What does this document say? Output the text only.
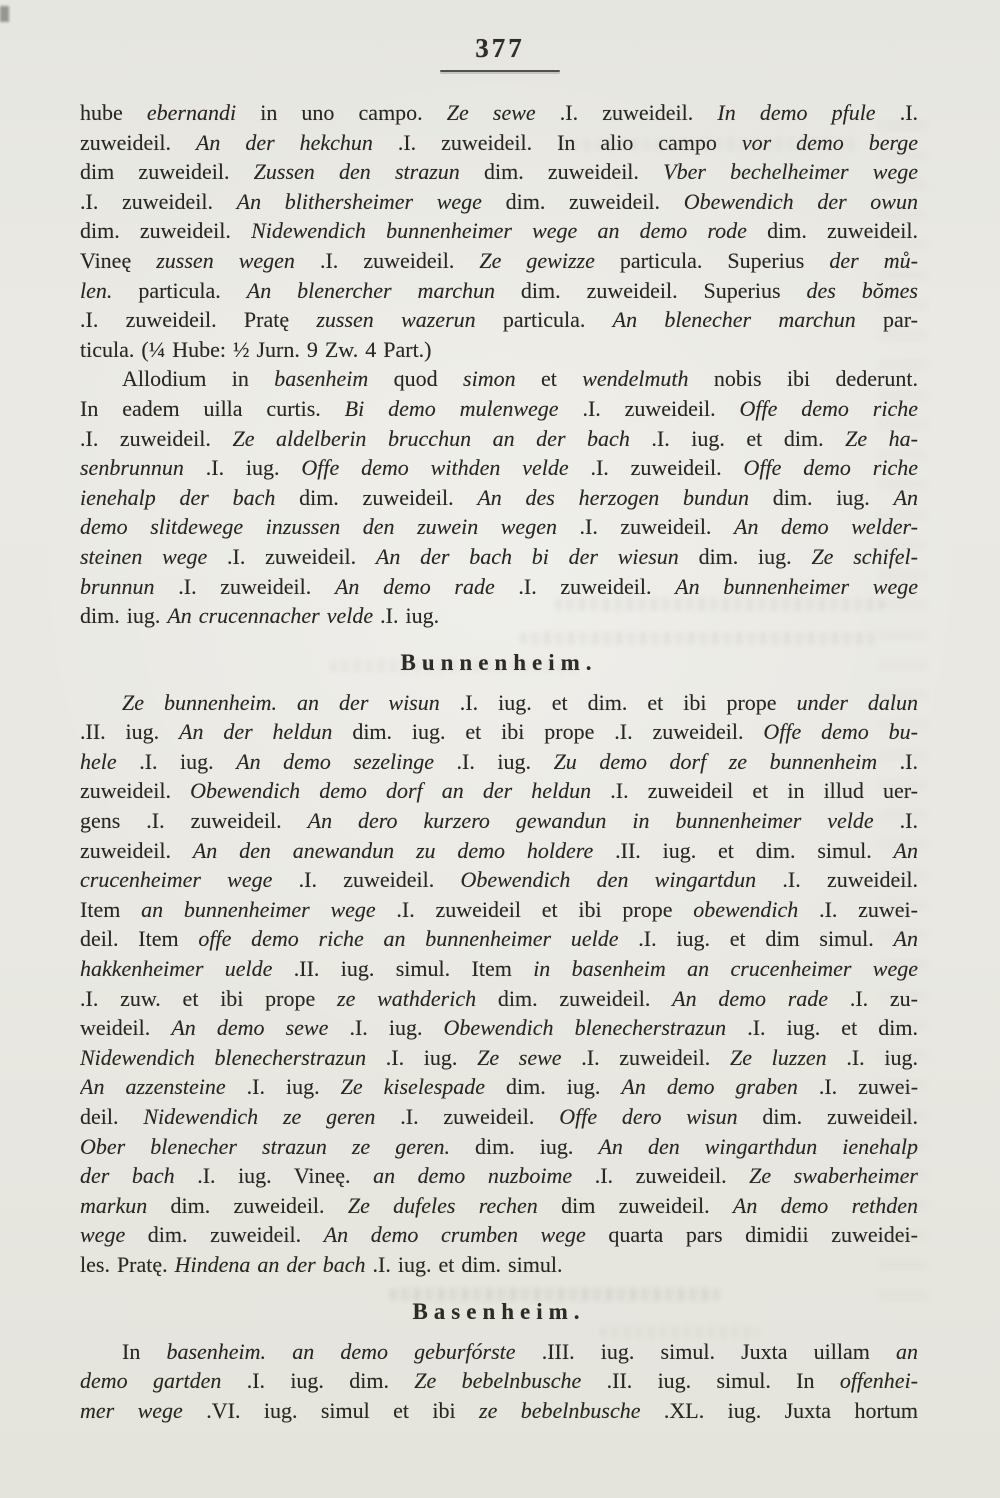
377
hube ebernandi in uno campo. Ze sewe .I. zuweideil. In demo pfule .I.
zuweideil. An der hekchun .I. zuweideil. In alio campo vor demo berge
dim zuweideil. Zussen den strazun dim. zuweideil. Vber bechelheimer wege
.I. zuweideil. An blithersheimer wege dim. zuweideil. Obewendich der owun
dim. zuweideil. Nidewendich bunnenheimer wege an demo rode dim. zuweideil.
Vineę zussen wegen .I. zuweideil. Ze gewizze particula. Superius der mů-
len. particula. An blenercher marchun dim. zuweideil. Superius des bŏmes
.I. zuweideil. Pratę zussen wazerun particula. An blenecher marchun par-
ticula. (¼ Hube: ½ Jurn. 9 Zw. 4 Part.)
Allodium in basenheim quod simon et wendelmuth nobis ibi dederunt.
In eadem uilla curtis. Bi demo mulenwege .I. zuweideil. Offe demo riche
.I. zuweideil. Ze aldelberin brucchun an der bach .I. iug. et dim. Ze ha-
senbrunnun .I. iug. Offe demo withden velde .I. zuweideil. Offe demo riche
ienehalp der bach dim. zuweideil. An des herzogen bundun dim. iug. An
demo slitdewege inzussen den zuwein wegen .I. zuweideil. An demo welder-
steinen wege .I. zuweideil. An der bach bi der wiesun dim. iug. Ze schifel-
brunnun .I. zuweideil. An demo rade .I. zuweideil. An bunnenheimer wege
dim. iug. An crucennacher velde .I. iug.
Bunnenheim.
Ze bunnenheim. an der wisun .I. iug. et dim. et ibi prope under dalun
.II. iug. An der heldun dim. iug. et ibi prope .I. zuweideil. Offe demo bu-
hele .I. iug. An demo sezelinge .I. iug. Zu demo dorf ze bunnenheim .I.
zuweideil. Obewendich demo dorf an der heldun .I. zuweideil et in illud uer-
gens .I. zuweideil. An dero kurzero gewandun in bunnenheimer velde .I.
zuweideil. An den anewandun zu demo holdere .II. iug. et dim. simul. An
crucenheimer wege .I. zuweideil. Obewendich den wingartdun .I. zuweideil.
Item an bunnenheimer wege .I. zuweideil et ibi prope obewendich .I. zuwei-
deil. Item offe demo riche an bunnenheimer uelde .I. iug. et dim simul. An
hakkenheimer uelde .II. iug. simul. Item in basenheim an crucenheimer wege
.I. zuw. et ibi prope ze wathderich dim. zuweideil. An demo rade .I. zu-
weideil. An demo sewe .I. iug. Obewendich blenecherstrazun .I. iug. et dim.
Nidewendich blenecherstrazun .I. iug. Ze sewe .I. zuweideil. Ze luzzen .I. iug.
An azzensteine .I. iug. Ze kiselespade dim. iug. An demo graben .I. zuwei-
deil. Nidewendich ze geren .I. zuweideil. Offe dero wisun dim. zuweideil.
Ober blenecher strazun ze geren. dim. iug. An den wingarthdun ienehalp
der bach .I. iug. Vineę. an demo nuzboime .I. zuweideil. Ze swaberheimer
markun dim. zuweideil. Ze dufeles rechen dim zuweideil. An demo rethden
wege dim. zuweideil. An demo crumben wege quarta pars dimidii zuweidei-
les. Pratę. Hindena an der bach .I. iug. et dim. simul.
Basenheim.
In basenheim. an demo geburfórste .III. iug. simul. Juxta uillam an
demo gartden .I. iug. dim. Ze bebelnbusche .II. iug. simul. In offenhei-
mer wege .VI. iug. simul et ibi ze bebelnbusche .XL. iug. Juxta hortum
